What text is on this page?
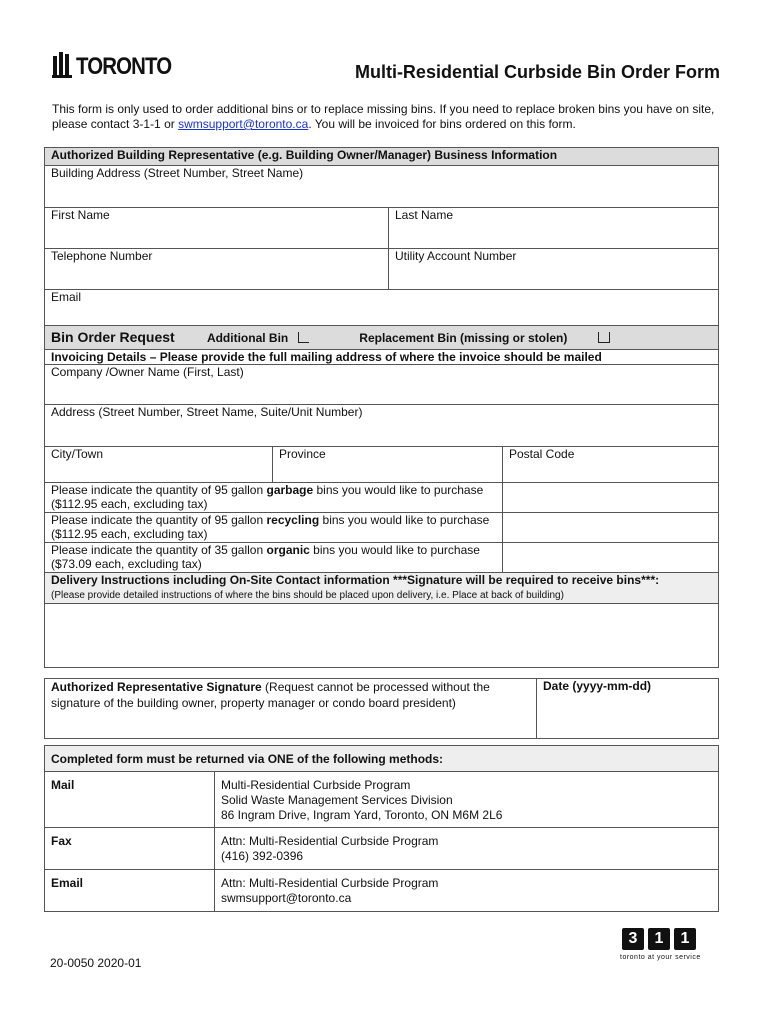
TORONTO	Multi-Residential Curbside Bin Order Form
This form is only used to order additional bins or to replace missing bins. If you need to replace broken bins you have on site, please contact 3-1-1 or swmsupport@toronto.ca. You will be invoiced for bins ordered on this form.
Authorized Building Representative (e.g. Building Owner/Manager) Business Information			
Building Address (Street Number, Street Name)			
First Name		Last Name	
Telephone Number		Utility Account Number	
Email			
Bin Order Request Additional Bin Replacement Bin (missing or stolen)			
Invoicing Details – Please provide the full mailing address of where the invoice should be mailed			
Company /Owner Name (First, Last)			
Address (Street Number, Street Name, Suite/Unit Number)			
City/Town	Province		Postal Code
Please indicate the quantity of 95 gallon garbage bins you would like to purchase
($112.95 each, excluding tax)			
Please indicate the quantity of 95 gallon recycling bins you would like to purchase
($112.95 each, excluding tax)			
Please indicate the quantity of 35 gallon organic bins you would like to purchase
($73.09 each, excluding tax)			
Delivery Instructions including On-Site Contact information ***Signature will be required to receive bins***:
(Please provide detailed instructions of where the bins should be placed upon delivery, i.e. Place at back of building)			

Authorized Representative Signature (Request cannot be processed without the signature of the building owner, property manager or condo board president)	Date (yyyy-mm-dd)
Completed form must be returned via ONE of the following methods:	
Mail	Multi-Residential Curbside Program
Solid Waste Management Services Division
86 Ingram Drive, Ingram Yard, Toronto, ON M6M 2L6

Fax	Attn: Multi-Residential Curbside Program
(416) 392-0396

Email	Attn: Multi-Residential Curbside Program
swmsupport@toronto.ca
20-0050 2020-01
3 1 1
toronto at your service
